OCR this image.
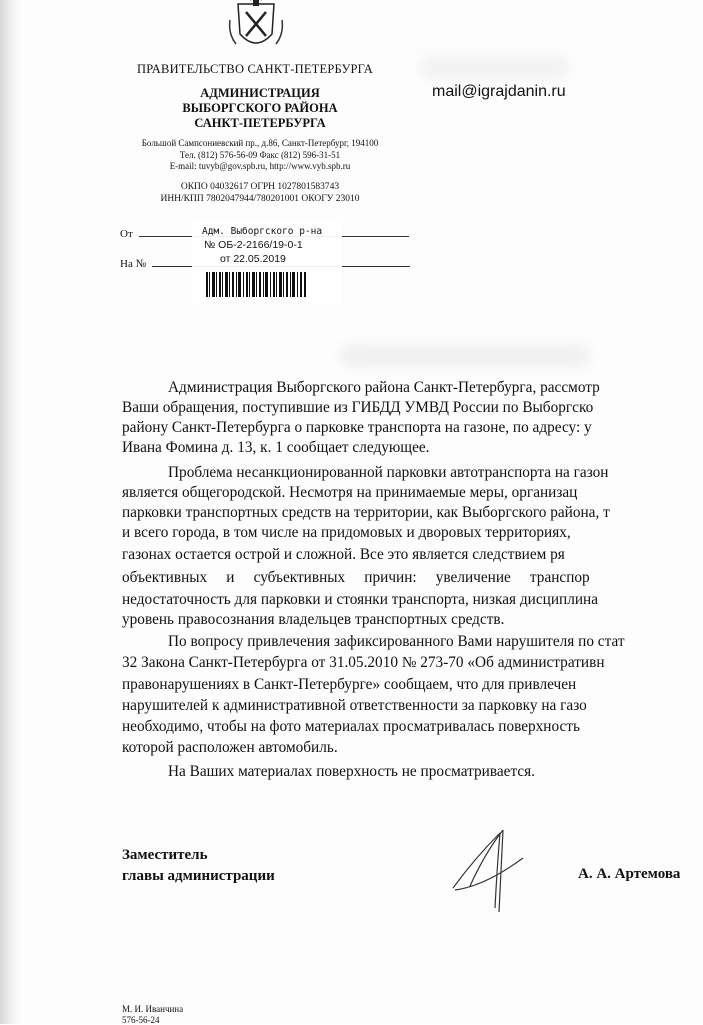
ПРАВИТЕЛЬСТВО САНКТ-ПЕТЕРБУРГА
АДМИНИСТРАЦИЯ
ВЫБОРГСКОГО РАЙОНА
САНКТ-ПЕТЕРБУРГА
Большой Сампсониевский пр., д.86, Санкт-Петербург, 194100
Тел. (812) 576-56-09 Факс (812) 596-31-51
E-mail: tuvyb@gov.spb.ru, http://www.vyb.spb.ru
ОКПО 04032617 ОГРН 1027801583743
ИНН/КПП 7802047944/780201001 ОКОГУ 23010
mail@igrajdanin.ru
От
На №
Адм. Выборгского р-на
№ ОБ-2-2166/19-0-1
от 22.05.2019
Администрация Выборгского района Санкт-Петербурга, рассмотр
Ваши обращения, поступившие из ГИБДД УМВД России по Выборгско
району Санкт-Петербурга о парковке транспорта на газоне, по адресу: у
Ивана Фомина д. 13, к. 1 сообщает следующее.
Проблема несанкционированной парковки автотранспорта на газон
является общегородской. Несмотря на принимаемые меры, организац
парковки транспортных средств на территории, как Выборгского района, т
и всего города, в том числе на придомовых и дворовых территориях,
газонах остается острой и сложной. Все это является следствием ря
объективных     и     субъективных     причин:     увеличение     транспор
недостаточность для парковки и стоянки транспорта, низкая дисциплина
уровень правосознания владельцев транспортных средств.
По вопросу привлечения зафиксированного Вами нарушителя по стат
32 Закона Санкт-Петербурга от 31.05.2010 № 273-70 «Об административн
правонарушениях в Санкт-Петербурге» сообщаем, что для привлечен
нарушителей к административной ответственности за парковку на газо
необходимо, чтобы на фото материалах просматривалась поверхность
которой расположен автомобиль.
На Ваших материалах поверхность не просматривается.
Заместитель
главы администрации	А. А. Артемова
М. И. Иванчина
576-56-24
